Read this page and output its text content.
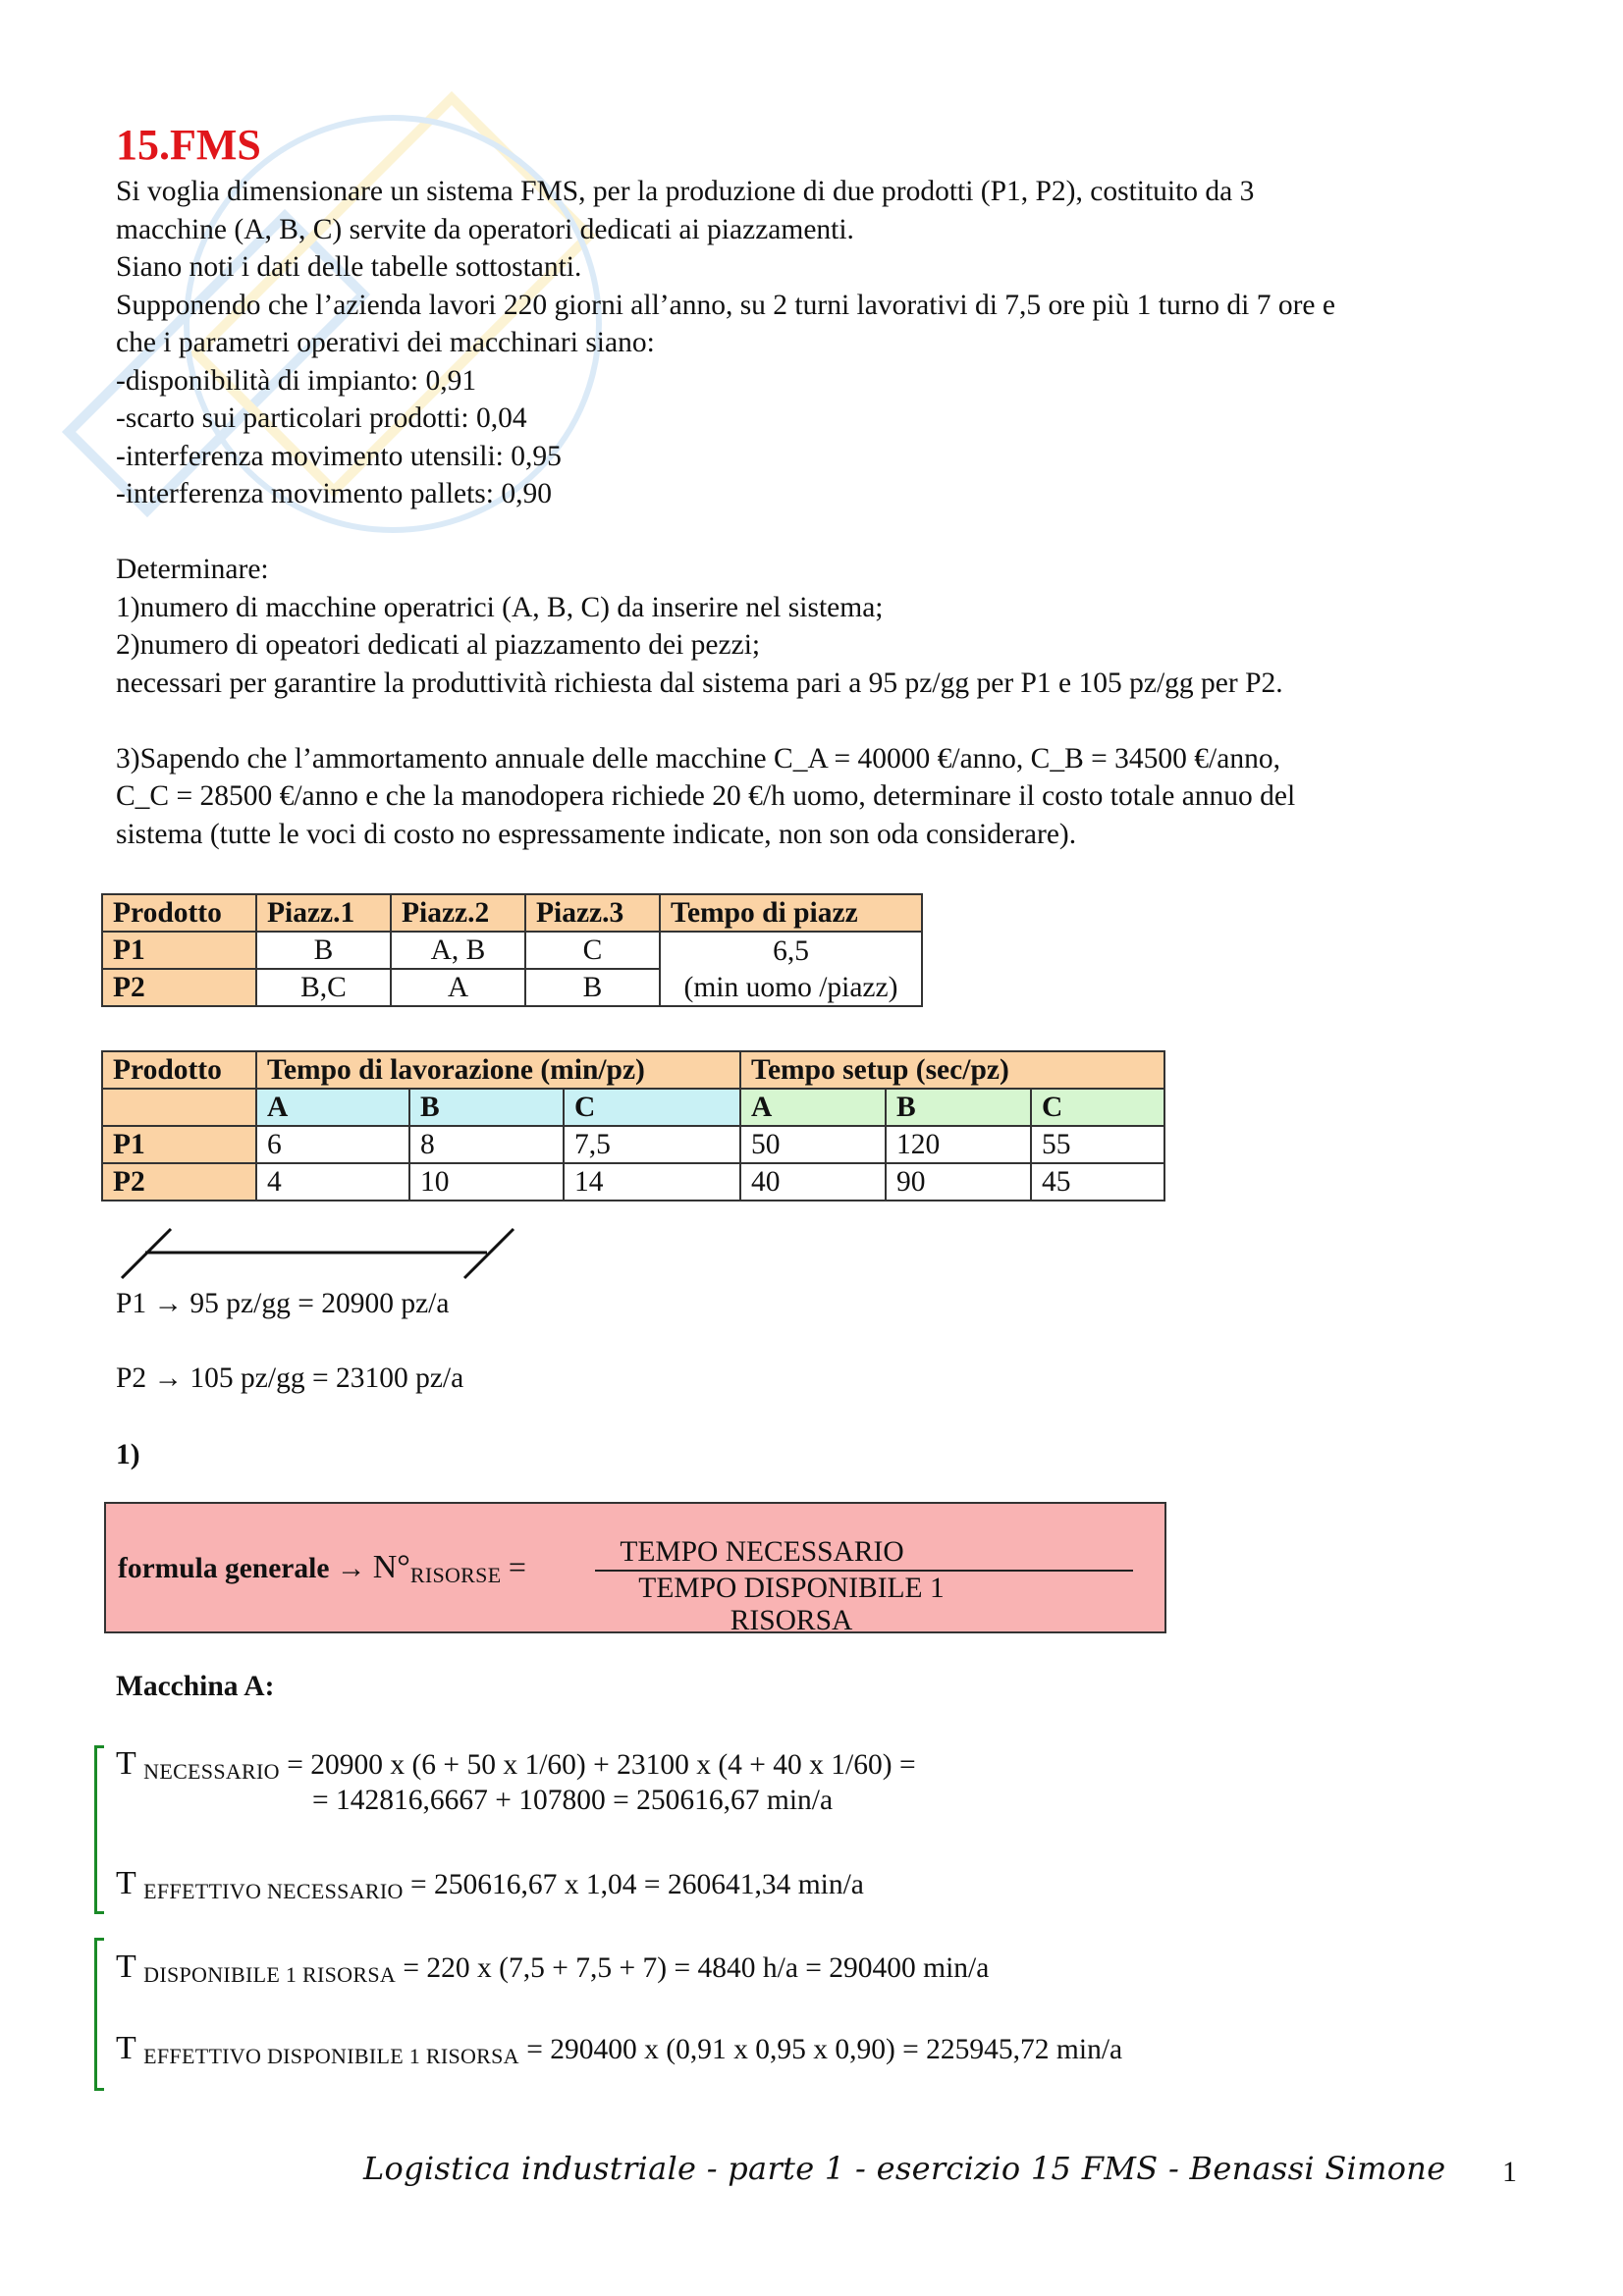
15.FMS
Si voglia dimensionare un sistema FMS, per la produzione di due prodotti (P1, P2), costituito da 3
macchine (A, B, C) servite da operatori dedicati ai piazzamenti.
Siano noti i dati delle tabelle sottostanti.
Supponendo che l’azienda lavori 220 giorni all’anno, su 2 turni lavorativi di 7,5 ore più 1 turno di 7 ore e
che i parametri operativi dei macchinari siano:
-disponibilità di impianto: 0,91
-scarto sui particolari prodotti: 0,04
-interferenza movimento utensili: 0,95
-interferenza movimento pallets: 0,90
Determinare:
1)numero di macchine operatrici (A, B, C) da inserire nel sistema;
2)numero di opeatori dedicati al piazzamento dei pezzi;
necessari per garantire la produttività richiesta dal sistema pari a 95 pz/gg per P1 e 105 pz/gg per P2.
3)Sapendo che l’ammortamento annuale delle macchine C_A = 40000 €/anno, C_B = 34500 €/anno,
C_C = 28500 €/anno e che la manodopera richiede 20 €/h uomo, determinare il costo totale annuo del
sistema (tutte le voci di costo no espressamente indicate, non son oda considerare).
Prodotto	Piazz.1	Piazz.2	Piazz.3	Tempo di piazz
P1	B	A, B	C	6,5
P2	B,C	A	B	(min uomo /piazz)
Prodotto	Tempo di lavorazione (min/pz)			Tempo setup (sec/pz)		
	A	B	C	A	B	C
P1	6	8	7,5	50	120	55
P2	4	10	14	40	90	45
P1 → 95 pz/gg = 20900 pz/a
P2 → 105 pz/gg = 23100 pz/a
1)
formula generale → $N^\circ_{RISORSE}$ =	TEMPO NECESSARIO
TEMPO DISPONIBILE 1 RISORSA
Macchina A:
T $_{NECESSARIO}$ = 20900 x (6 + 50 x 1/60) + 23100 x (4 + 40 x 1/60) =
= 142816,6667 + 107800 = 250616,67 min/a
T $_{EFFETTIVO NECESSARIO}$ = 250616,67 x 1,04 = 260641,34 min/a
T $_{DISPONIBILE 1 RISORSA}$ = 220 x (7,5 + 7,5 + 7) = 4840 h/a = 290400 min/a
T $_{EFFETTIVO DISPONIBILE 1 RISORSA}$ = 290400 x (0,91 x 0,95 x 0,90) = 225945,72 min/a
Logistica industriale - parte 1 - esercizio 15 FMS - Benassi Simone 1
